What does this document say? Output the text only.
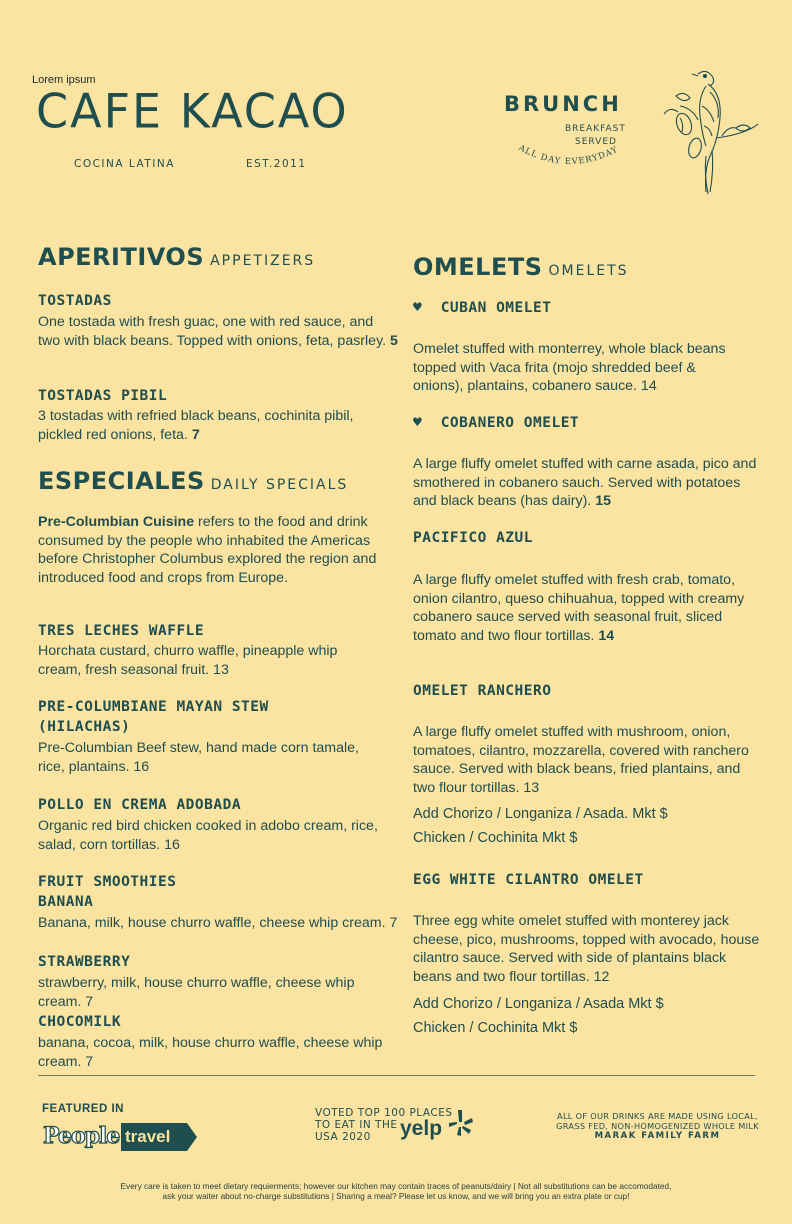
Lorem ipsum
CAFE KACAO
COCINA LATINA	EST.2011
BRUNCH
BREAKFAST
SERVED
ALL DAY EVERYDAY
APERITIVOS APPETIZERS
TOSTADAS
One tostada with fresh guac, one with red sauce, and two with black beans. Topped with onions, feta, pasrley. 5
TOSTADAS PIBIL
3 tostadas with refried black beans, cochinita pibil, pickled red onions, feta. 7
ESPECIALES DAILY SPECIALS
Pre-Columbian Cuisine refers to the food and drink consumed by the people who inhabited the Americas before Christopher Columbus explored the region and introduced food and crops from Europe.
TRES LECHES WAFFLE
Horchata custard, churro waffle, pineapple whip cream, fresh seasonal fruit. 13
PRE-COLUMBIANE MAYAN STEW
(HILACHAS)
Pre-Columbian Beef stew, hand made corn tamale, rice, plantains. 16
POLLO EN CREMA ADOBADA
Organic red bird chicken cooked in adobo cream, rice, salad, corn tortillas. 16
FRUIT SMOOTHIES
BANANA
Banana, milk, house churro waffle, cheese whip cream. 7
STRAWBERRY
strawberry, milk, house churro waffle, cheese whip cream. 7
CHOCOMILK
banana, cocoa, milk, house churro waffle, cheese whip cream. 7
OMELETS OMELETS
♥ CUBAN OMELET
Omelet stuffed with monterrey, whole black beans topped with Vaca frita (mojo shredded beef & onions), plantains, cobanero sauce. 14
♥ COBANERO OMELET
A large fluffy omelet stuffed with carne asada, pico and smothered in cobanero sauch. Served with potatoes and black beans (has dairy). 15
PACIFICO AZUL
A large fluffy omelet stuffed with fresh crab, tomato, onion cilantro, queso chihuahua, topped with creamy cobanero sauce served with seasonal fruit, sliced tomato and two flour tortillas. 14
OMELET RANCHERO
A large fluffy omelet stuffed with mushroom, onion, tomatoes, cilantro, mozzarella, covered with ranchero sauce. Served with black beans, fried plantains, and two flour tortillas. 13
Add Chorizo / Longaniza / Asada. Mkt $
Chicken / Cochinita Mkt $
EGG WHITE CILANTRO OMELET
Three egg white omelet stuffed with monterey jack cheese, pico, mushrooms, topped with avocado, house cilantro sauce. Served with side of plantains black beans and two flour tortillas. 12
Add Chorizo / Longaniza / Asada Mkt $
Chicken / Cochinita Mkt $
FEATURED IN
People travel
VOTED TOP 100 PLACES
TO EAT IN THE
USA 2020	yelp
ALL OF OUR DRINKS ARE MADE USING LOCAL,
GRASS FED, NON-HOMOGENIZED WHOLE MILK
MARAK FAMILY FARM
Every care is taken to meet dietary requierments; however our kitchen may contain traces of peanuts/dairy | Not all substitutions can be accomodated,
ask your waiter about no-charge substitutions | Sharing a meal? Please let us know, and we will bring you an extra plate or cup!
